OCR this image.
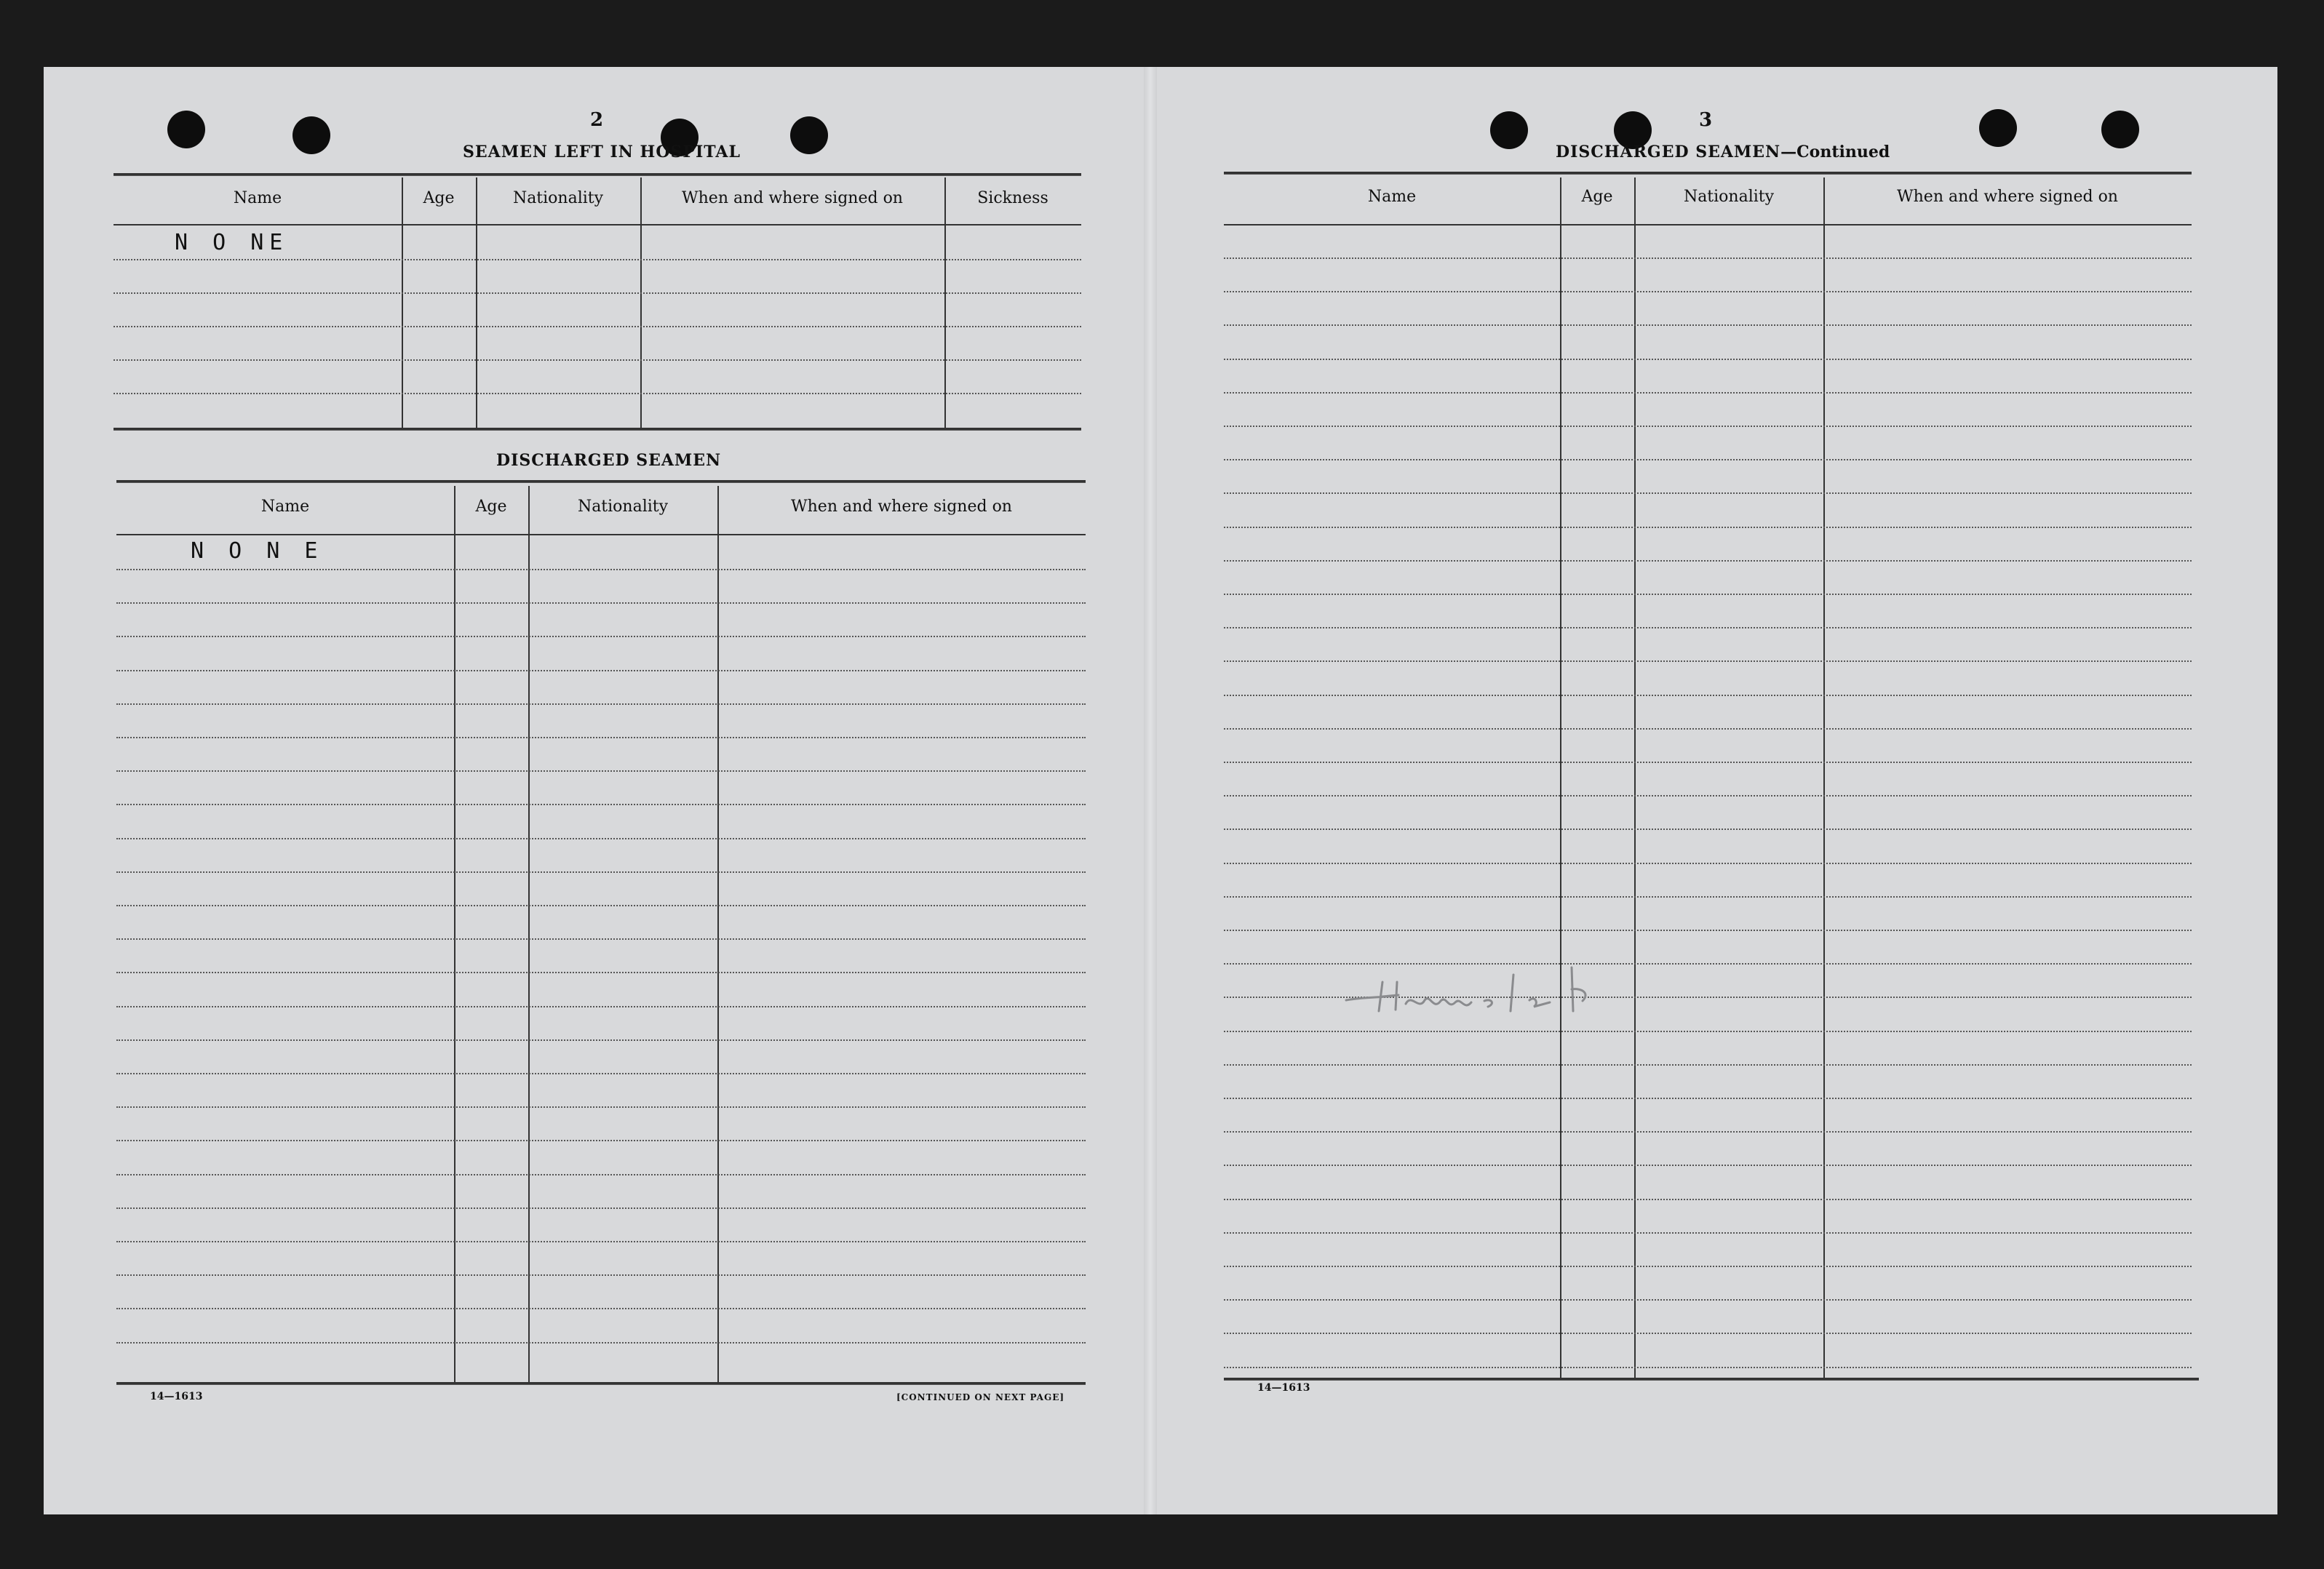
2
SEAMEN LEFT IN HOSPITAL
Name	Age	Nationality	When and where signed on	Sickness
N O NE
DISCHARGED SEAMEN
Name	Age	Nationality	When and where signed on
N O N E
14—1613	[CONTINUED ON NEXT PAGE]
3
DISCHARGED SEAMEN—Continued
Name	Age	Nationality	When and where signed on
14—1613
